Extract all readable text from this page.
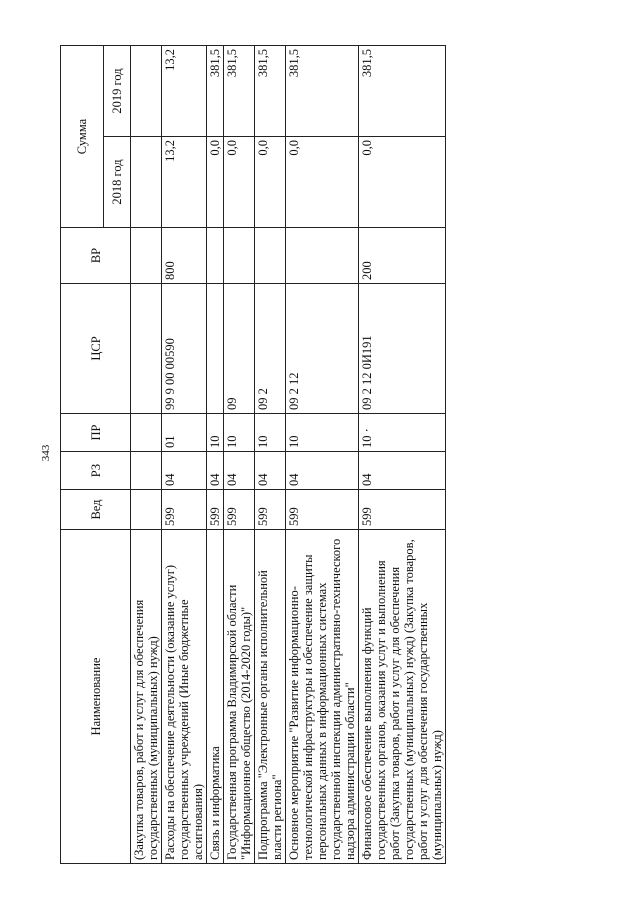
343
Наименование	Вед	РЗ	ПР	ЦСР	ВР	Сумма	
						2018 год	2019 год
(Закупка товаров, работ и услуг для обеспечения государственных (муниципальных) нужд)							
Расходы на обеспечение деятельности (оказание услуг) государственных учреждений (Иные бюджетные ассигнования)	599	04	01	99 9 00 00590	800	13,2	13,2
Связь и информатика	599	04	10			0,0	381,5
Государственная программа Владимирской области "Информационное общество (2014-2020 годы)"	599	04	10	09		0,0	381,5
Подпрограмма "Электронные органы исполнительной власти региона"	599	04	10	09 2		0,0	381,5
Основное мероприятие "Развитие информационно-технологической инфраструктуры и обеспечение защиты персональных данных в информационных системах государственной инспекции административно-технического надзора администрации области"	599	04	10	09 2 12		0,0	381,5
Финансовое обеспечение выполнения функций государственных органов, оказания услуг и выполнения работ (Закупка товаров, работ и услуг для обеспечения государственных (муниципальных) нужд) (Закупка товаров, работ и услуг для обеспечения государственных (муниципальных) нужд)	599	04	10 ·	09 2 12 0И191	200	0,0	381,5
